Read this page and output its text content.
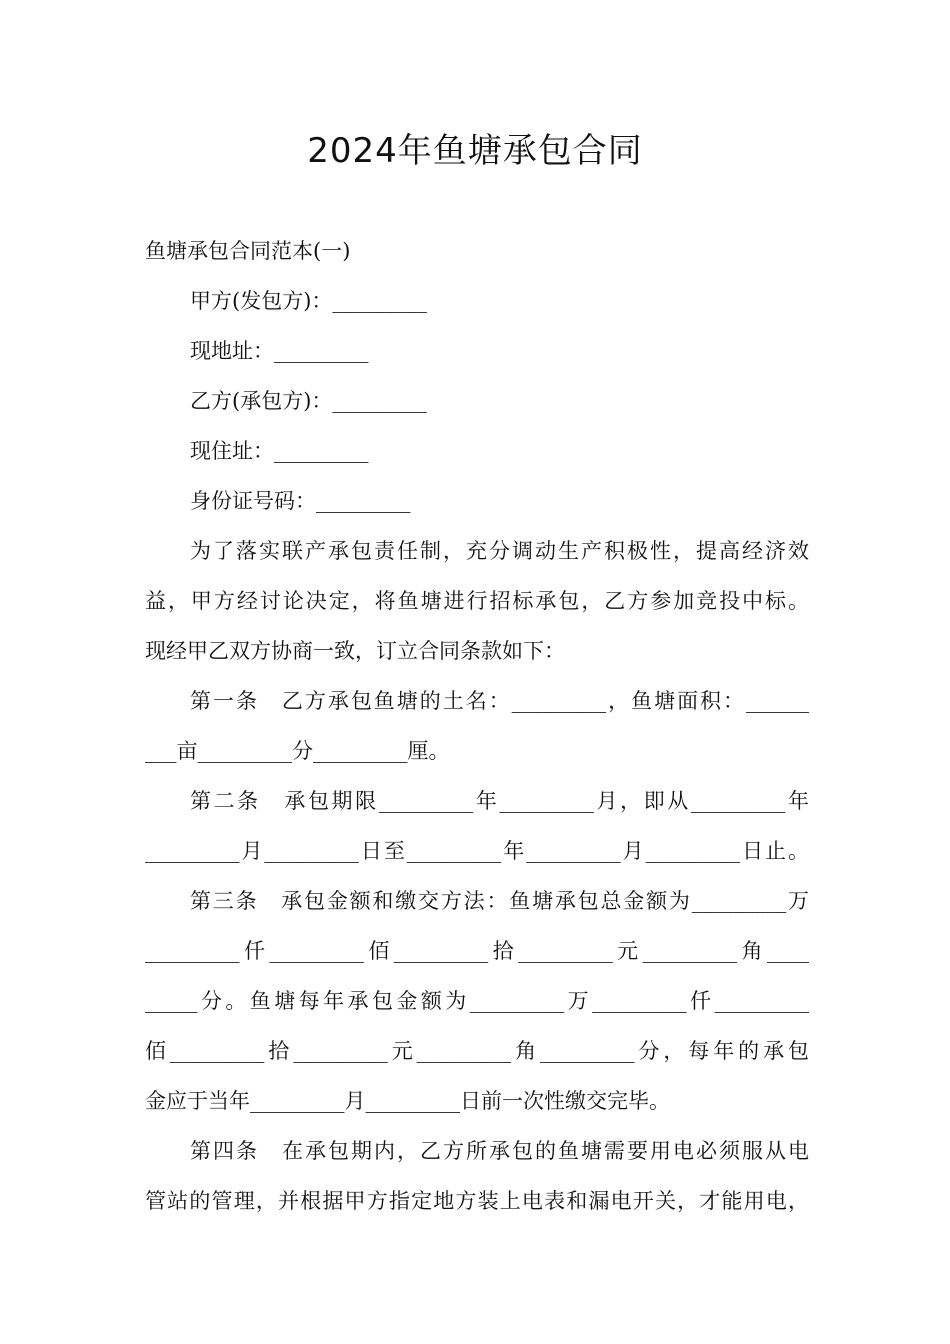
2024年鱼塘承包合同
鱼塘承包合同范本(一)
甲方(发包方)：_________
现地址：_________
乙方(承包方)：_________
现住址：_________
身份证号码：_________
为了落实联产承包责任制，充分调动生产积极性，提高经济效
益，甲方经讨论决定，将鱼塘进行招标承包，乙方参加竞投中标。
现经甲乙双方协商一致，订立合同条款如下：
第一条　乙方承包鱼塘的土名：_________，鱼塘面积：______
___亩_________分_________厘。
第二条　承包期限_________年_________月，即从_________年
_________月_________日至_________年_________月_________日止。
第三条　承包金额和缴交方法：鱼塘承包总金额为_________万
_________仟_________佰_________拾_________元_________角____
_____分。鱼塘每年承包金额为_________万_________仟_________
佰_________拾_________元_________角_________分，每年的承包
金应于当年_________月_________日前一次性缴交完毕。
第四条　在承包期内，乙方所承包的鱼塘需要用电必须服从电
管站的管理，并根据甲方指定地方装上电表和漏电开关，才能用电，
